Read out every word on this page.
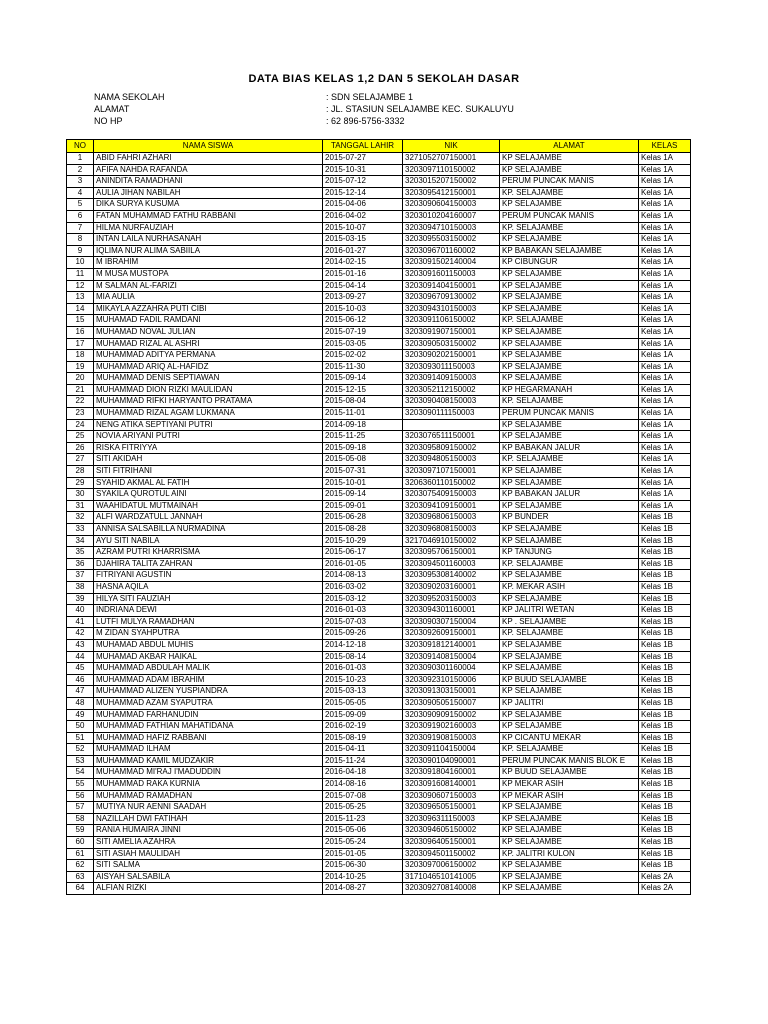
DATA BIAS KELAS 1,2 DAN 5 SEKOLAH DASAR
NAMA SEKOLAH	: SDN SELAJAMBE 1
ALAMAT	: JL. STASIUN SELAJAMBE KEC. SUKALUYU
NO HP	: 62 896-5756-3332
NO	NAMA SISWA	TANGGAL LAHIR	NIK	ALAMAT	KELAS
1	ABID FAHRI AZHARI	2015-07-27	3271052707150001	KP SELAJAMBE	Kelas 1A
2	AFIFA NAHDA RAFANDA	2015-10-31	3203097110150002	KP SELAJAMBE	Kelas 1A
3	ANINDITA RAMADHANI	2015-07-12	3203015207150002	PERUM PUNCAK MANIS	Kelas 1A
4	AULIA JIHAN NABILAH	2015-12-14	3203095412150001	KP. SELAJAMBE	Kelas 1A
5	DIKA SURYA KUSUMA	2015-04-06	3203090604150003	KP SELAJAMBE	Kelas 1A
6	FATAN MUHAMMAD FATHU RABBANI	2016-04-02	3203010204160007	PERUM PUNCAK MANIS	Kelas 1A
7	HILMA NURFAUZIAH	2015-10-07	3203094710150003	KP. SELAJAMBE	Kelas 1A
8	INTAN LAILA NURHASANAH	2015-03-15	3203095503150002	KP SELAJAMBE	Kelas 1A
9	IQLIMA NUR ALIMA SABIILA	2016-01-27	3203096701160002	KP BABAKAN SELAJAMBE	Kelas 1A
10	M IBRAHIM	2014-02-15	3203091502140004	KP CIBUNGUR	Kelas 1A
11	M MUSA MUSTOPA	2015-01-16	3203091601150003	KP SELAJAMBE	Kelas 1A
12	M SALMAN AL-FARIZI	2015-04-14	3203091404150001	KP SELAJAMBE	Kelas 1A
13	MIA AULIA	2013-09-27	3203096709130002	KP SELAJAMBE	Kelas 1A
14	MIKAYLA AZZAHRA PUTI CIBI	2015-10-03	3203094310150003	KP SELAJAMBE	Kelas 1A
15	MUHAMAD FADIL RAMDANI	2015-06-12	3203091106150002	KP. SELAJAMBE	Kelas 1A
16	MUHAMAD NOVAL JULIAN	2015-07-19	3203091907150001	KP SELAJAMBE	Kelas 1A
17	MUHAMAD RIZAL AL ASHRI	2015-03-05	3203090503150002	KP SELAJAMBE	Kelas 1A
18	MUHAMMAD ADITYA PERMANA	2015-02-02	3203090202150001	KP SELAJAMBE	Kelas 1A
19	MUHAMMAD ARIQ AL-HAFIDZ	2015-11-30	3203093011150003	KP SELAJAMBE	Kelas 1A
20	MUHAMMAD DENIS SEPTIAWAN	2015-09-14	3203091409150003	KP SELAJAMBE	Kelas 1A
21	MUHAMMAD DION RIZKI MAULIDAN	2015-12-15	3203052112150002	KP HEGARMANAH	Kelas 1A
22	MUHAMMAD RIFKI HARYANTO PRATAMA	2015-08-04	3203090408150003	KP. SELAJAMBE	Kelas 1A
23	MUHAMMAD RIZAL AGAM LUKMANA	2015-11-01	3203090111150003	PERUM PUNCAK MANIS	Kelas 1A
24	NENG ATIKA SEPTIYANI PUTRI	2014-09-18		KP SELAJAMBE	Kelas 1A
25	NOVIA ARIYANI PUTRI	2015-11-25	3203076511150001	KP SELAJAMBE	Kelas 1A
26	RISKA FITRIYYA	2015-09-18	3203095809150002	KP BABAKAN JALUR	Kelas 1A
27	SITI AKIDAH	2015-05-08	3203094805150003	KP. SELAJAMBE	Kelas 1A
28	SITI FITRIHANI	2015-07-31	3203097107150001	KP SELAJAMBE	Kelas 1A
29	SYAHID AKMAL AL FATIH	2015-10-01	3206360110150002	KP SELAJAMBE	Kelas 1A
30	SYAKILA QUROTUL AINI	2015-09-14	3203075409150003	KP BABAKAN JALUR	Kelas 1A
31	WAAHIDATUL MUTMAINAH	2015-09-01	3203094109150001	KP SELAJAMBE	Kelas 1A
32	ALFI WARDZATULL JANNAH	2015-06-28	3203096806150003	KP BUNDER	Kelas 1B
33	ANNISA SALSABILLA NURMADINA	2015-08-28	3203096808150003	KP SELAJAMBE	Kelas 1B
34	AYU SITI NABILA	2015-10-29	3217046910150002	KP SELAJAMBE	Kelas 1B
35	AZRAM PUTRI KHARRISMA	2015-06-17	3203095706150001	KP TANJUNG	Kelas 1B
36	DJAHIRA TALITA ZAHRAN	2016-01-05	3203094501160003	KP. SELAJAMBE	Kelas 1B
37	FITRIYANI AGUSTIN	2014-08-13	3203095308140002	KP SELAJAMBE	Kelas 1B
38	HASNA AQILA	2016-03-02	3203090203160001	KP. MEKAR ASIH	Kelas 1B
39	HILYA SITI FAUZIAH	2015-03-12	3203095203150003	KP SELAJAMBE	Kelas 1B
40	INDRIANA DEWI	2016-01-03	3203094301160001	KP JALITRI WETAN	Kelas 1B
41	LUTFI MULYA RAMADHAN	2015-07-03	3203090307150004	KP . SELAJAMBE	Kelas 1B
42	M ZIDAN SYAHPUTRA	2015-09-26	3203092609150001	KP. SELAJAMBE	Kelas 1B
43	MUHAMAD ABDUL MUHIS	2014-12-18	3203091812140001	KP SELAJAMBE	Kelas 1B
44	MUHAMAD AKBAR HAIKAL	2015-08-14	3203091408150004	KP SELAJAMBE	Kelas 1B
45	MUHAMMAD ABDULAH MALIK	2016-01-03	3203090301160004	KP SELAJAMBE	Kelas 1B
46	MUHAMMAD ADAM IBRAHIM	2015-10-23	3203092310150006	KP BUUD SELAJAMBE	Kelas 1B
47	MUHAMMAD ALIZEN YUSPIANDRA	2015-03-13	3203091303150001	KP SELAJAMBE	Kelas 1B
48	MUHAMMAD AZAM SYAPUTRA	2015-05-05	3203090505150007	KP JALITRI	Kelas 1B
49	MUHAMMAD FARHANUDIN	2015-09-09	3203090909150002	KP SELAJAMBE	Kelas 1B
50	MUHAMMAD FATHIAN MAHATIDANA	2016-02-19	3203091902160003	KP SELAJAMBE	Kelas 1B
51	MUHAMMAD HAFIZ RABBANI	2015-08-19	3203091908150003	KP CICANTU MEKAR	Kelas 1B
52	MUHAMMAD ILHAM	2015-04-11	3203091104150004	KP. SELAJAMBE	Kelas 1B
53	MUHAMMAD KAMIL MUDZAKIR	2015-11-24	3203090104090001	PERUM PUNCAK MANIS BLOK E	Kelas 1B
54	MUHAMMAD MI'RAJ I'MADUDDIN	2016-04-18	3203091804160001	KP BUUD SELAJAMBE	Kelas 1B
55	MUHAMMAD RAKA KURNIA	2014-08-16	3203091608140001	KP MEKAR ASIH	Kelas 1B
56	MUHAMMAD RAMADHAN	2015-07-08	3203090607150003	KP MEKAR ASIH	Kelas 1B
57	MUTIYA NUR AENNI SAADAH	2015-05-25	3203096505150001	KP SELAJAMBE	Kelas 1B
58	NAZILLAH DWI FATIHAH	2015-11-23	3203096311150003	KP SELAJAMBE	Kelas 1B
59	RANIA HUMAIRA JINNI	2015-05-06	3203094605150002	KP SELAJAMBE	Kelas 1B
60	SITI AMELIA AZAHRA	2015-05-24	3203096405150001	KP SELAJAMBE	Kelas 1B
61	SITI ASIAH MAULIDAH	2015-01-05	3203094501150002	KP. JALITRI KULON	Kelas 1B
62	SITI SALMA	2015-06-30	3203097006150002	KP SELAJAMBE	Kelas 1B
63	AISYAH SALSABILA	2014-10-25	3171046510141005	KP SELAJAMBE	Kelas 2A
64	ALFIAN RIZKI	2014-08-27	3203092708140008	KP SELAJAMBE	Kelas 2A
